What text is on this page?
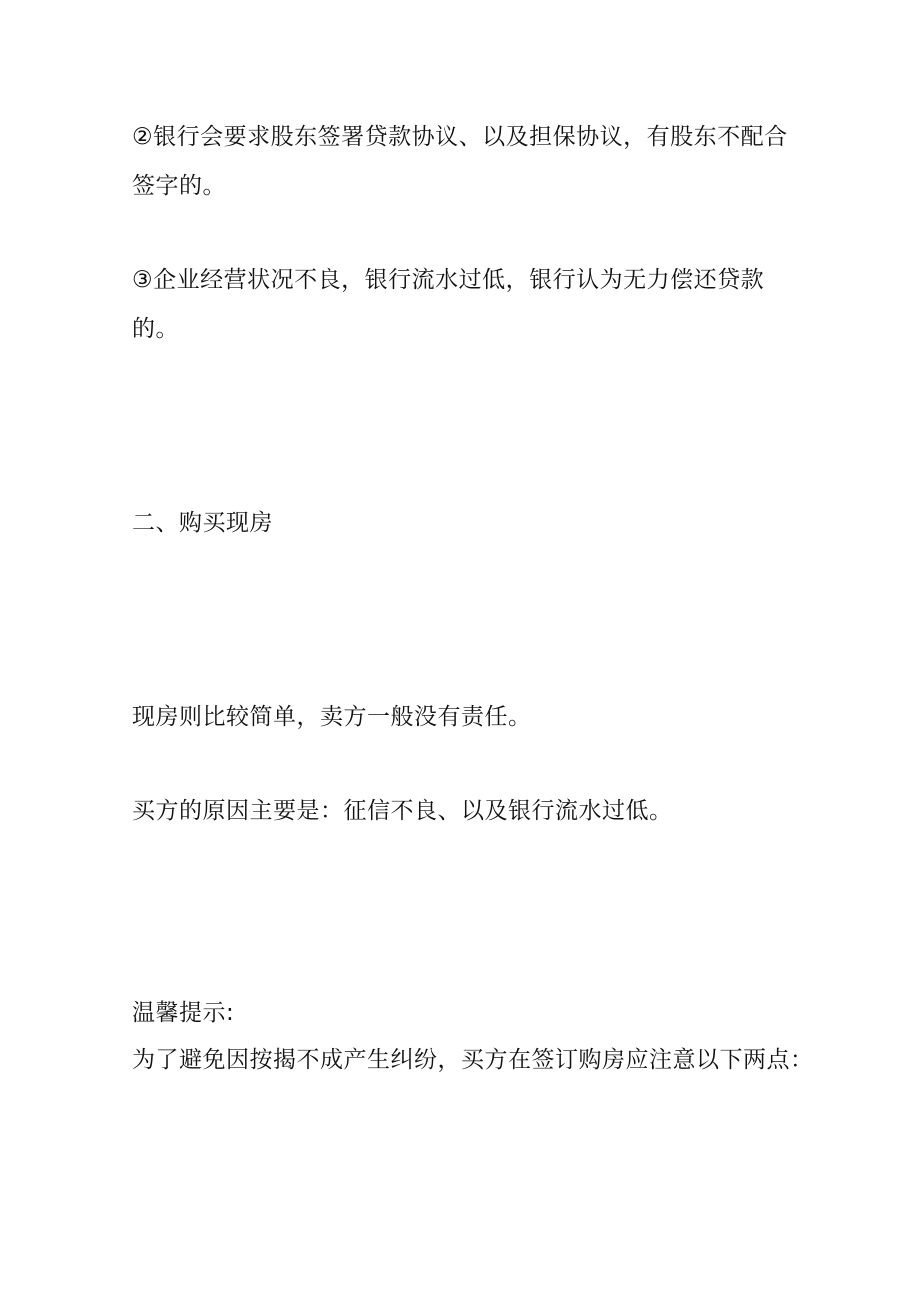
②银行会要求股东签署贷款协议、以及担保协议，有股东不配合
签字的。
③企业经营状况不良，银行流水过低，银行认为无力偿还贷款
的。
二、购买现房
现房则比较简单，卖方一般没有责任。
买方的原因主要是：征信不良、以及银行流水过低。
温馨提示:
为了避免因按揭不成产生纠纷，买方在签订购房应注意以下两点：
